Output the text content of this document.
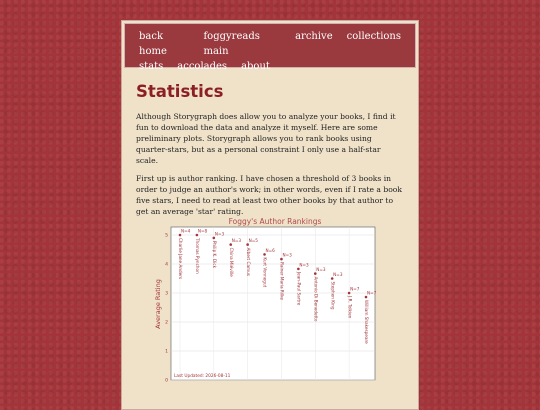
back home
foggyreads main
archive collections
stats accolades about
Statistics

Although Storygraph does allow you to analyze your books, I find it fun to download the data and analyze it myself. Here are some preliminary plots. Storygraph allows you to rank books using quarter-stars, but as a personal constraint I only use a half-star scale.

First up is author ranking. I have chosen a threshold of 3 books in order to judge an author's work; in other words, even if I rate a book five stars, I need to read at least two other books by that author to get an average 'star' rating.

Foggy's Author Rankings
0
1
2
3
4
5
Average Rating
N=4
Charlie Jane Anders
N=8
Thomas Pynchon
N=3
Philip K. Dick
N=3
China Miéville
N=5
Albert Camus	N=6
Kurt Vonnegut
N=3
Rainer Maria Rilke	N=3
Jean-Paul Sartre
N=3
Antonio Di Benedetto
N=3
Stephen King	N=7
J.R. Tolkien
N=7
William Shakespeare
Last Updated: 2026-08-11
